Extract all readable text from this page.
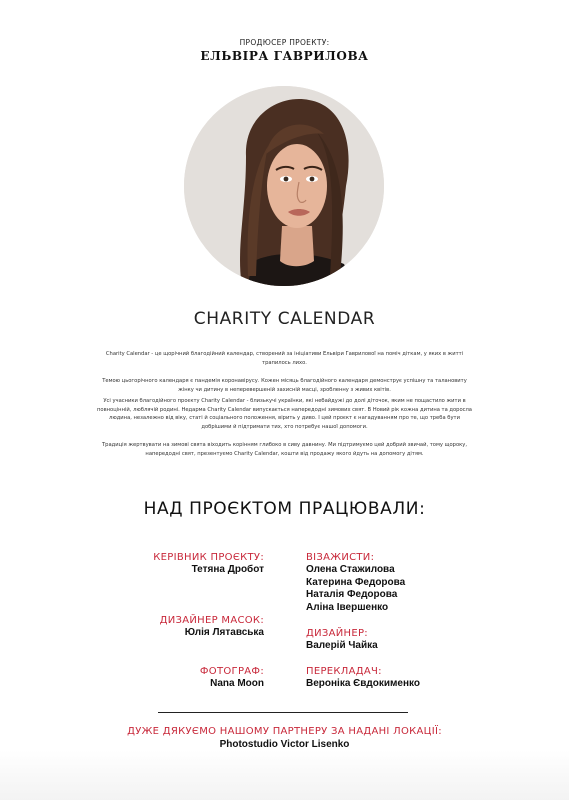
ПРОДЮСЕР ПРОЕКТУ:
ЕЛЬВІРА ГАВРИЛОВА
CHARITY CALENDAR

Charity Calendar - це щорічний благодійний календар, створений за ініціативи Ельвіри Гаврилової на поміч діткам, у яких в житті трапилось лихо.

Темою цьогорічного календаря є пандемія коронавірусу. Кожен місяць благодійного календаря демонструє успішну та талановиту жінку чи дитину в неперевершеній захисній масці, зробленну з живих квітів.

Усі учасники благодійного проєкту Charity Calendar - близькучі українки, які небайдужі до долі діточок, яким не пощастило жити в повноцінній, люблячій родині. Недарма Charity Calendar випускається напередодні зимових свят. В Новий рік кожна дитина та доросла людина, незалежно від віку, статі й соціального положення, вірить у диво. І цей проєкт є нагадуванням про те, що треба бути добрішими й підтримати тих, хто потребує нашої допомоги.

Традиція жертвувати на зимові свята віходить корінням глибоко в сиву давнину. Ми підтримуємо цей добрий звичай, тому щороку, напередодні свят, презентуємо Charity Calendar, кошти від продажу якого йдуть на допомогу дітям.

НАД ПРОЄКТОМ ПРАЦЮВАЛИ:
КЕРІВНИК ПРОЄКТУ:
Тетяна Дробот
ДИЗАЙНЕР МАСОК:
Юлія Лятавська
ФОТОГРАФ:
Nana Moon
ВІЗАЖИСТИ:
Олена Стажилова
Катерина Федорова
Наталія Федорова
Аліна Івершенко
ДИЗАЙНЕР:
Валерій Чайка
ПЕРЕКЛАДАЧ:
Вероніка Євдокименко
ДУЖЕ ДЯКУЄМО НАШОМУ ПАРТНЕРУ ЗА НАДАНІ ЛОКАЦІЇ:
Photostudio Victor Lisenko
